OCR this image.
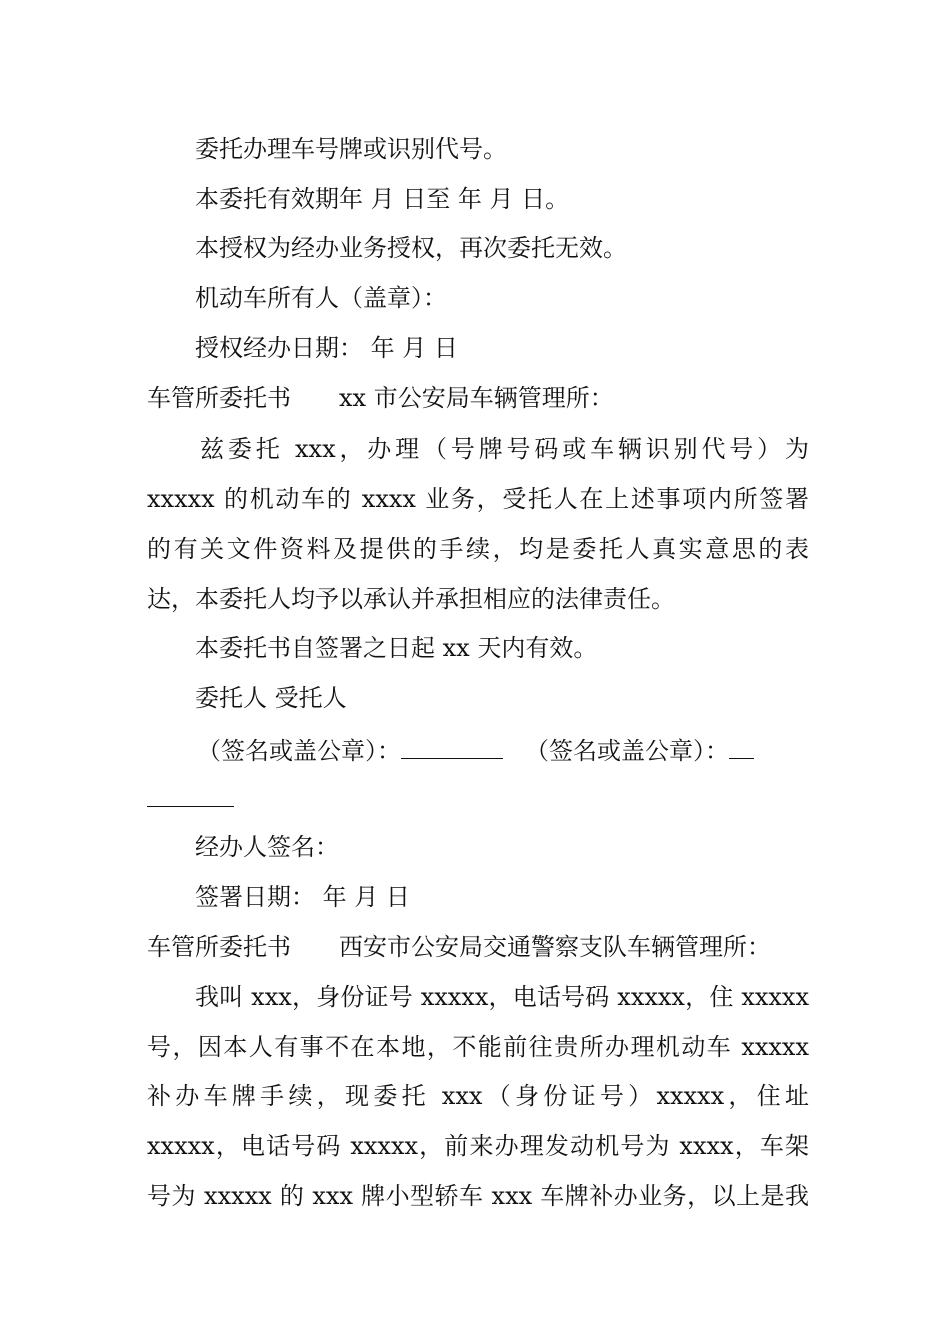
委托办理车号牌或识别代号。
本委托有效期年 月 日至 年 月 日。
本授权为经办业务授权，再次委托无效。
机动车所有人（盖章）：
授权经办日期： 年 月 日
车管所委托书 xx 市公安局车辆管理所：
兹委托 xxx，办理（号牌号码或车辆识别代号）为
xxxxx 的机动车的 xxxx 业务，受托人在上述事项内所签署
的有关文件资料及提供的手续，均是委托人真实意思的表
达，本委托人均予以承认并承担相应的法律责任。
本委托书自签署之日起 xx 天内有效。
委托人 受托人
（签名或盖公章）：	（签名或盖公章）：
经办人签名：
签署日期： 年 月 日
车管所委托书 西安市公安局交通警察支队车辆管理所：
我叫 xxx，身份证号 xxxxx，电话号码 xxxxx，住 xxxxx
号，因本人有事不在本地，不能前往贵所办理机动车 xxxxx
补办车牌手续，现委托 xxx（身份证号）xxxxx，住址
xxxxx，电话号码 xxxxx，前来办理发动机号为 xxxx，车架
号为 xxxxx 的 xxx 牌小型轿车 xxx 车牌补办业务，以上是我
